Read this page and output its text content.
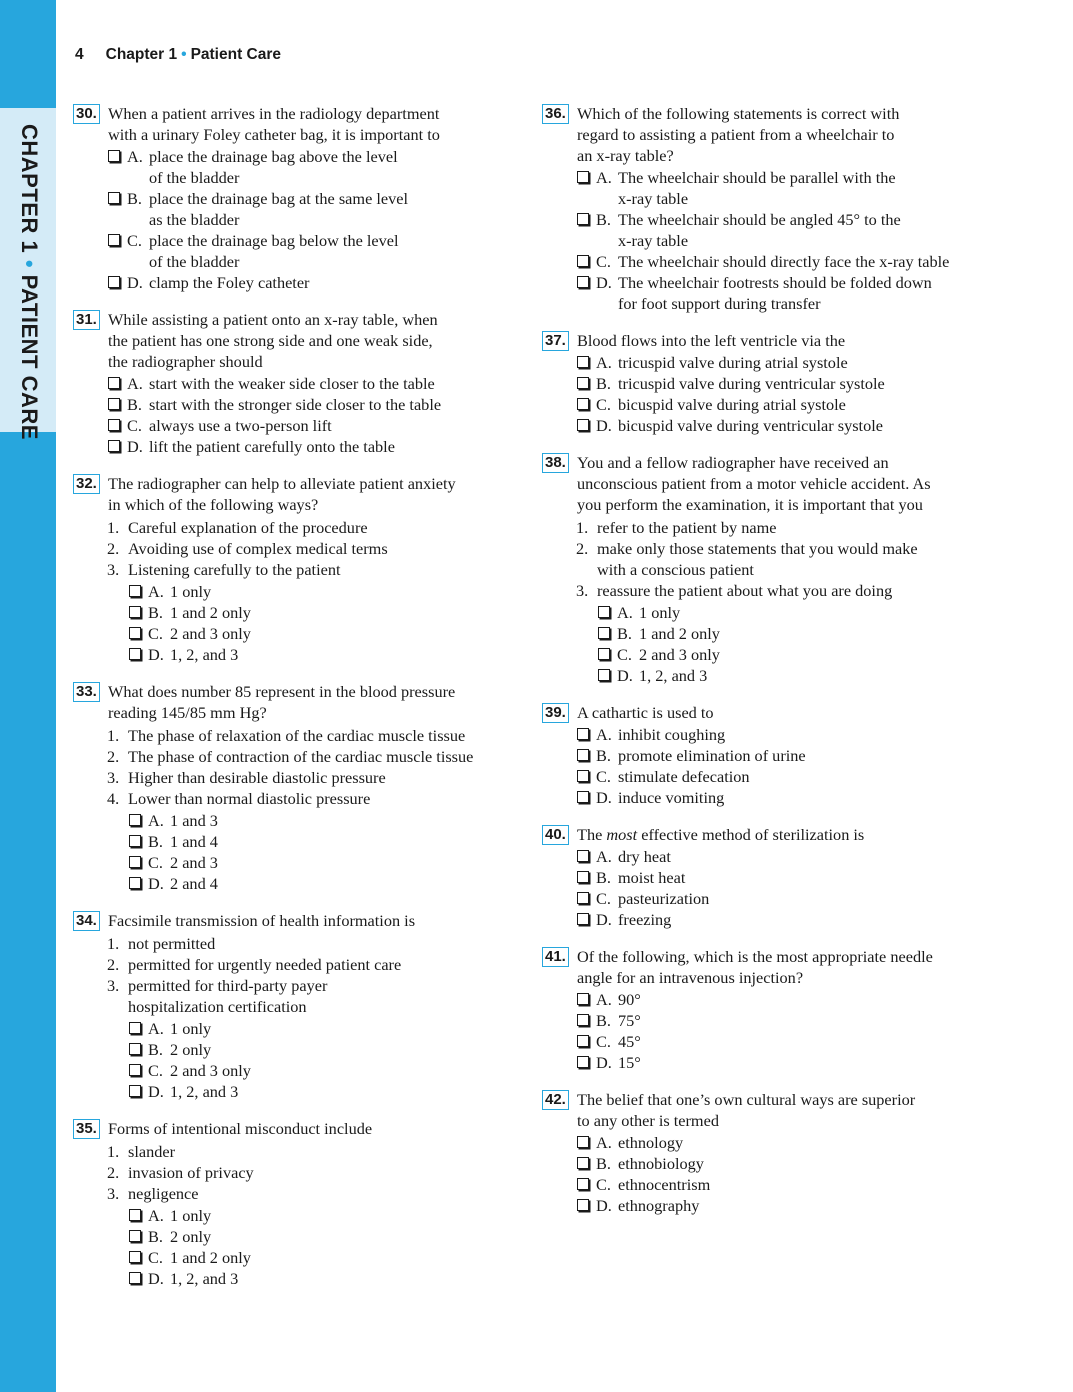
CHAPTER 1 • PATIENT CARE
4 Chapter 1 • Patient Care
30. When a patient arrives in the radiology department
with a urinary Foley catheter bag, it is important to
A. place the drainage bag above the level
of the bladder
B. place the drainage bag at the same level
as the bladder
C. place the drainage bag below the level
of the bladder
D. clamp the Foley catheter
31. While assisting a patient onto an x-ray table, when
the patient has one strong side and one weak side,
the radiographer should
A. start with the weaker side closer to the table
B. start with the stronger side closer to the table
C. always use a two-person lift
D. lift the patient carefully onto the table
32. The radiographer can help to alleviate patient anxiety
in which of the following ways?
1. Careful explanation of the procedure
2. Avoiding use of complex medical terms
3. Listening carefully to the patient
A. 1 only
B. 1 and 2 only
C. 2 and 3 only
D. 1, 2, and 3
33. What does number 85 represent in the blood pressure
reading 145/85 mm Hg?
1. The phase of relaxation of the cardiac muscle tissue
2. The phase of contraction of the cardiac muscle tissue
3. Higher than desirable diastolic pressure
4. Lower than normal diastolic pressure
A. 1 and 3
B. 1 and 4
C. 2 and 3
D. 2 and 4
34. Facsimile transmission of health information is
1. not permitted
2. permitted for urgently needed patient care
3. permitted for third-party payer
hospitalization certification
A. 1 only
B. 2 only
C. 2 and 3 only
D. 1, 2, and 3
35. Forms of intentional misconduct include
1. slander
2. invasion of privacy
3. negligence
A. 1 only
B. 2 only
C. 1 and 2 only
D. 1, 2, and 3
36. Which of the following statements is correct with
regard to assisting a patient from a wheelchair to
an x-ray table?
A. The wheelchair should be parallel with the
x-ray table
B. The wheelchair should be angled 45° to the
x-ray table
C. The wheelchair should directly face the x-ray table
D. The wheelchair footrests should be folded down
for foot support during transfer
37. Blood flows into the left ventricle via the
A. tricuspid valve during atrial systole
B. tricuspid valve during ventricular systole
C. bicuspid valve during atrial systole
D. bicuspid valve during ventricular systole
38. You and a fellow radiographer have received an
unconscious patient from a motor vehicle accident. As
you perform the examination, it is important that you
1. refer to the patient by name
2. make only those statements that you would make
with a conscious patient
3. reassure the patient about what you are doing
A. 1 only
B. 1 and 2 only
C. 2 and 3 only
D. 1, 2, and 3
39. A cathartic is used to
A. inhibit coughing
B. promote elimination of urine
C. stimulate defecation
D. induce vomiting
40. The most effective method of sterilization is
A. dry heat
B. moist heat
C. pasteurization
D. freezing
41. Of the following, which is the most appropriate needle
angle for an intravenous injection?
A. 90°
B. 75°
C. 45°
D. 15°
42. The belief that one’s own cultural ways are superior
to any other is termed
A. ethnology
B. ethnobiology
C. ethnocentrism
D. ethnography
